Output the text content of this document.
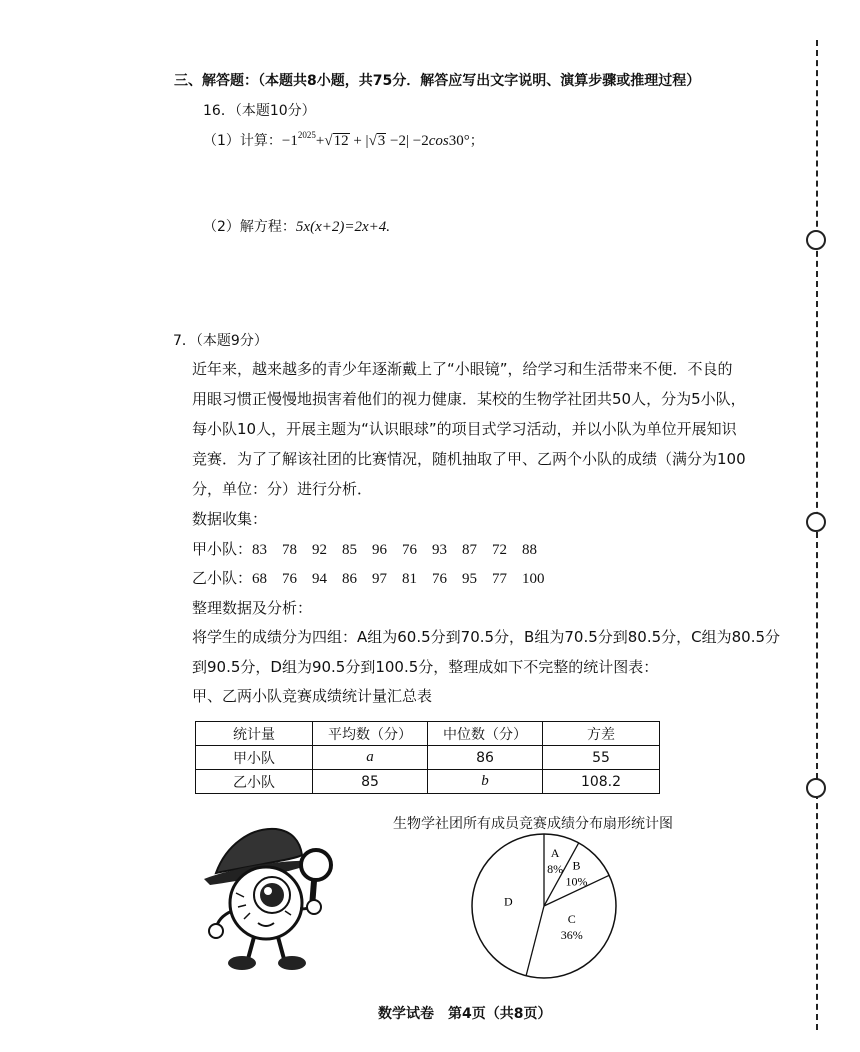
三、解答题：（本题共8小题，共75分．解答应写出文字说明、演算步骤或推理过程）
16．（本题10分）
（1）计算：$-1^{2025}+√12 + |√3 -2| -2\cos 30^\circ$；
（2）解方程：5x(x+2)=2x+4.
7．（本题9分）

近年来，越来越多的青少年逐渐戴上了“小眼镜”，给学习和生活带来不便．不良的

用眼习惯正慢慢地损害着他们的视力健康．某校的生物学社团共50人，分为5小队，

每小队10人，开展主题为“认识眼球”的项目式学习活动，并以小队为单位开展知识

竞赛．为了了解该社团的比赛情况，随机抽取了甲、乙两个小队的成绩（满分为100

分，单位：分）进行分析．

数据收集：
甲小队：83　78　92　85　96　76　93　87　72　88
乙小队：68　76　94　86　97　81　76　95　77　100
整理数据及分析：

将学生的成绩分为四组：A组为60.5分到70.5分，B组为70.5分到80.5分，C组为80.5分

到90.5分，D组为90.5分到100.5分，整理成如下不完整的统计图表：

甲、乙两小队竞赛成绩统计量汇总表
统计量	平均数（分）	中位数（分）	方差
甲小队	a	86	55
乙小队	85	b	108.2
生物学社团所有成员竞赛成绩分布扇形统计图
A
8% B
10%
C
36%
D
数学试卷　第4页（共8页）
